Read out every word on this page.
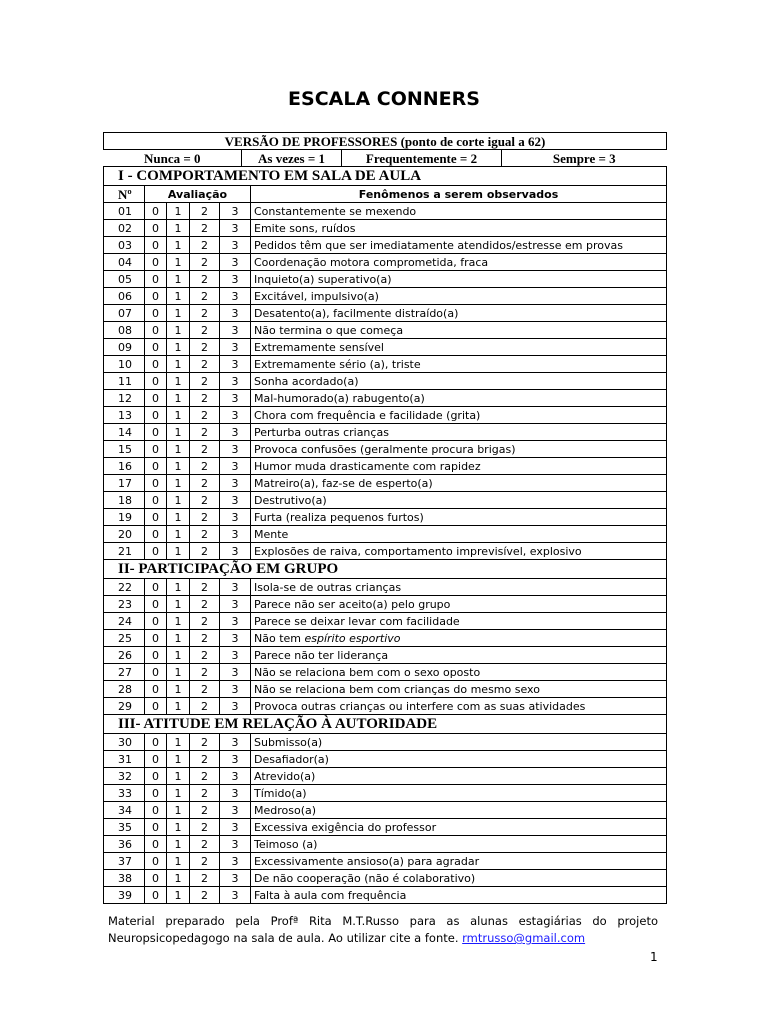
ESCALA CONNERS
VERSÃO DE PROFESSORES (ponto de corte igual a 62)

Nunca = 0	As vezes = 1	Frequentemente = 2	Sempre = 3

I - COMPORTAMENTO EM SALA DE AULA
Nº	Avaliação	Fenômenos a serem observados
01	0	1	2	3	Constantemente se mexendo
02	0	1	2	3	Emite sons, ruídos
03	0	1	2	3	Pedidos têm que ser imediatamente atendidos/estresse em provas
04	0	1	2	3	Coordenação motora comprometida, fraca
05	0	1	2	3	Inquieto(a) superativo(a)
06	0	1	2	3	Excitável, impulsivo(a)
07	0	1	2	3	Desatento(a), facilmente distraído(a)
08	0	1	2	3	Não termina o que começa
09	0	1	2	3	Extremamente sensível
10	0	1	2	3	Extremamente sério (a), triste
11	0	1	2	3	Sonha acordado(a)
12	0	1	2	3	Mal-humorado(a) rabugento(a)
13	0	1	2	3	Chora com frequência e facilidade (grita)
14	0	1	2	3	Perturba outras crianças
15	0	1	2	3	Provoca confusões (geralmente procura brigas)
16	0	1	2	3	Humor muda drasticamente com rapidez
17	0	1	2	3	Matreiro(a), faz-se de esperto(a)
18	0	1	2	3	Destrutivo(a)
19	0	1	2	3	Furta (realiza pequenos furtos)
20	0	1	2	3	Mente
21	0	1	2	3	Explosões de raiva, comportamento imprevisível, explosivo
II- PARTICIPAÇÃO EM GRUPO
22	0	1	2	3	Isola-se de outras crianças
23	0	1	2	3	Parece não ser aceito(a) pelo grupo
24	0	1	2	3	Parece se deixar levar com facilidade
25	0	1	2	3	Não tem espírito esportivo
26	0	1	2	3	Parece não ter liderança
27	0	1	2	3	Não se relaciona bem com o sexo oposto
28	0	1	2	3	Não se relaciona bem com crianças do mesmo sexo
29	0	1	2	3	Provoca outras crianças ou interfere com as suas atividades
III- ATITUDE EM RELAÇÃO À AUTORIDADE
30	0	1	2	3	Submisso(a)
31	0	1	2	3	Desafiador(a)
32	0	1	2	3	Atrevido(a)
33	0	1	2	3	Tímido(a)
34	0	1	2	3	Medroso(a)
35	0	1	2	3	Excessiva exigência do professor
36	0	1	2	3	Teimoso (a)
37	0	1	2	3	Excessivamente ansioso(a) para agradar
38	0	1	2	3	De não cooperação (não é colaborativo)
39	0	1	2	3	Falta à aula com frequência
Material preparado pela Profª Rita M.T.Russo para as alunas estagiárias do projeto Neuropsicopedagogo na sala de aula. Ao utilizar cite a fonte. rmtrusso@gmail.com
1
